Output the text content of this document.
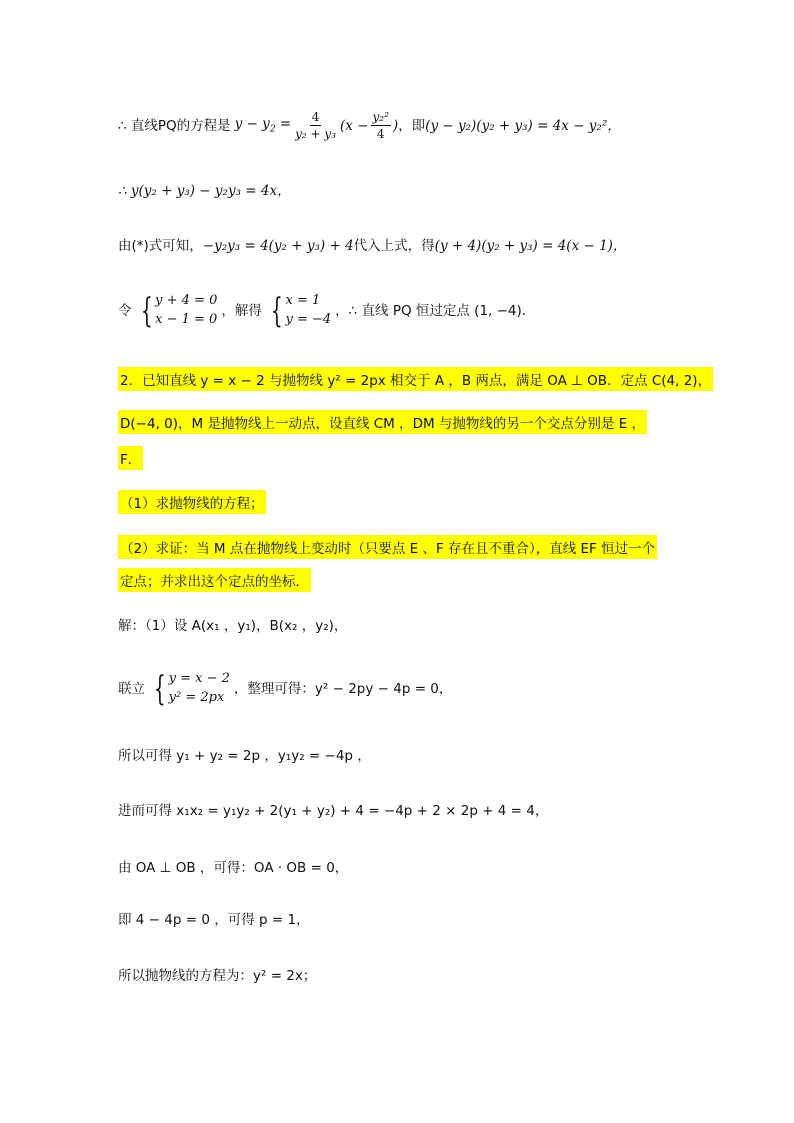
∴ 直线PQ的方程是 $y - y_2 = \frac{4}{\text{y₂ + y₃}} (x - \frac{\text{y₂²}}{4}$ ) ，即 (y − y₂)(y₂ + y₃) = 4x − y₂²，
∴ y(y₂ + y₃) − y₂y₃ = 4x，
由(*)式可知， −y₂y₃ = 4(y₂ + y₃) + 4 代入上式，得 (y + 4)(y₂ + y₃) = 4(x − 1)，
令 { y + 4 = 0
x − 1 = 0
，解得 { x = 1
y = −4
，∴ 直线 PQ 恒过定点 (1, −4)．
2．已知直线 y = x − 2 与抛物线 y² = 2px 相交于 A ，B 两点，满足 OA ⊥ OB．定点 C(4, 2)，
D(−4, 0)，M 是抛物线上一动点，设直线 CM ，DM 与抛物线的另一个交点分别是 E ，
F．
（1）求抛物线的方程；
（2）求证：当 M 点在抛物线上变动时（只要点 E 、F 存在且不重合），直线 EF 恒过一个
定点；并求出这个定点的坐标．
解：（1）设 A(x₁ ，y₁)，B(x₂ ，y₂)，
联立 { y = x − 2
y² = 2px
，整理可得：y² − 2py − 4p = 0，
所以可得 y₁ + y₂ = 2p ，y₁y₂ = −4p ，
进而可得 x₁x₂ = y₁y₂ + 2(y₁ + y₂) + 4 = −4p + 2 × 2p + 4 = 4，
由 OA ⊥ OB ，可得：OA · OB = 0，
即 4 − 4p = 0 ，可得 p = 1，
所以抛物线的方程为：y² = 2x；
